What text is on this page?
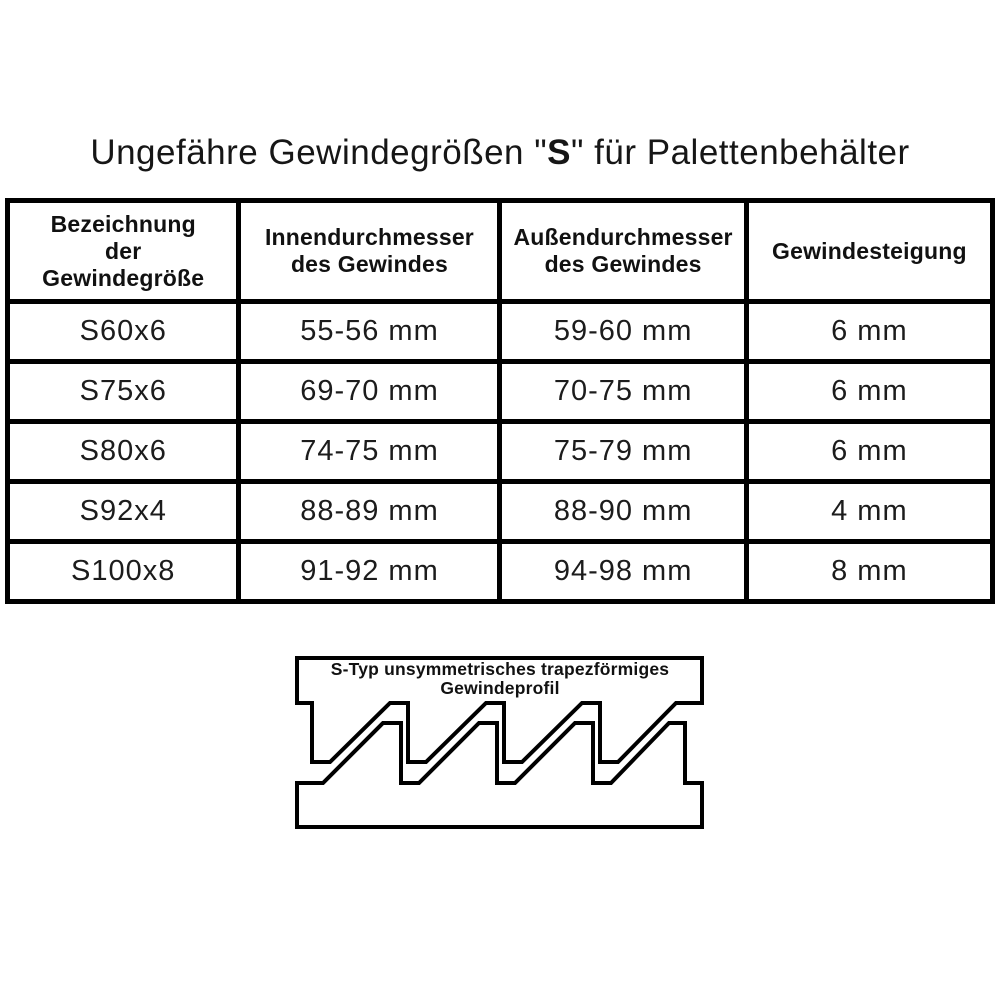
Ungefähre Gewindegrößen "S" für Palettenbehälter
Bezeichnung
der
Gewindegröße

Innendurchmesser
des Gewindes

Außendurchmesser
des Gewindes

Gewindesteigung

S60x6	55-56 mm	59-60 mm	6 mm
S75x6	69-70 mm	70-75 mm	6 mm
S80x6	74-75 mm	75-79 mm	6 mm
S92x4	88-89 mm	88-90 mm	4 mm
S100x8	91-92 mm	94-98 mm	8 mm
S-Typ unsymmetrisches trapezförmiges
Gewindeprofil
